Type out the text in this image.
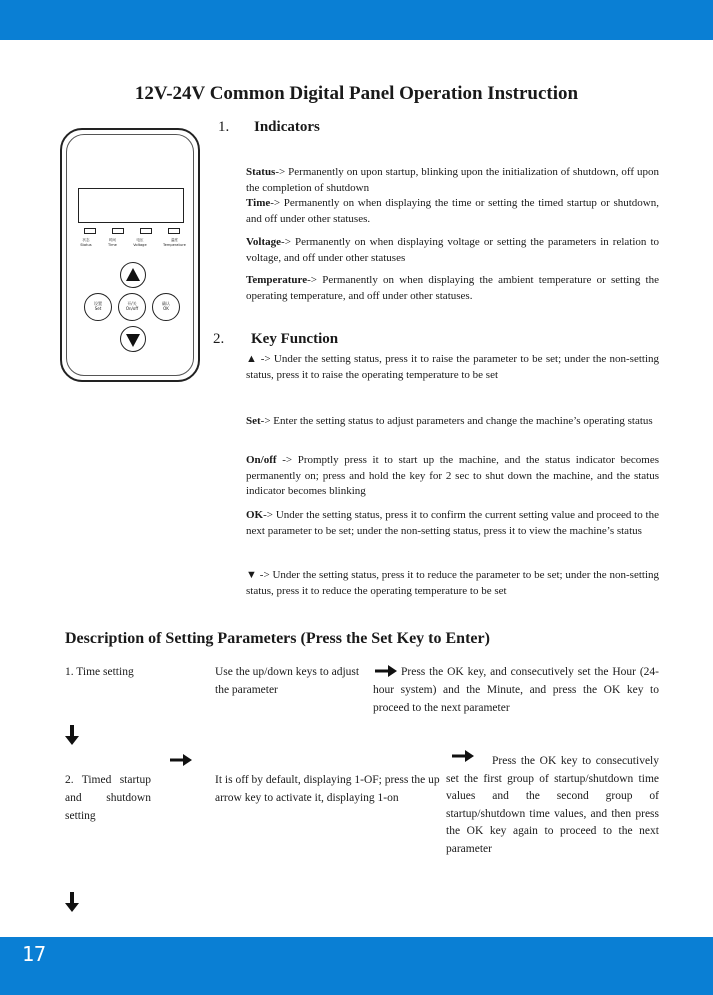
12V-24V Common Digital Panel Operation Instruction
状态
Status
时间
Time
电压
Voltage
温度
Temperature
设置
Set
开/关
On/off
确认
OK
1. Indicators
Status-> Permanently on upon startup, blinking upon the initialization of shutdown, off upon the completion of shutdown
Time-> Permanently on when displaying the time or setting the timed startup or shutdown, and off under other statuses.
Voltage-> Permanently on when displaying voltage or setting the parameters in relation to voltage, and off under other statuses
Temperature-> Permanently on when displaying the ambient temperature or setting the operating temperature, and off under other statuses.
2. Key Function
▲ -> Under the setting status, press it to raise the parameter to be set; under the non-setting status, press it to raise the operating temperature to be set
Set-> Enter the setting status to adjust parameters and change the machine’s operating status
On/off -> Promptly press it to start up the machine, and the status indicator becomes permanently on; press and hold the key for 2 sec to shut down the machine, and the status indicator becomes blinking
OK-> Under the setting status, press it to confirm the current setting value and proceed to the next parameter to be set; under the non-setting status, press it to view the machine’s status
▼ -> Under the setting status, press it to reduce the parameter to be set; under the non-setting status, press it to reduce the operating temperature to be set
Description of Setting Parameters (Press the Set Key to Enter)
1. Time setting	Use the up/down keys to adjust the parameter
Press the OK key, and consecutively set the Hour (24-hour system) and the Minute, and press the OK key to proceed to the next parameter
2. Timed startup and shutdown setting
It is off by default, displaying 1-OF; press the up arrow key to activate it, displaying 1-on
Press the OK key to consecutively set the first group of startup/shutdown time values and the second group of startup/shutdown time values, and then press the OK key again to proceed to the next parameter
17
